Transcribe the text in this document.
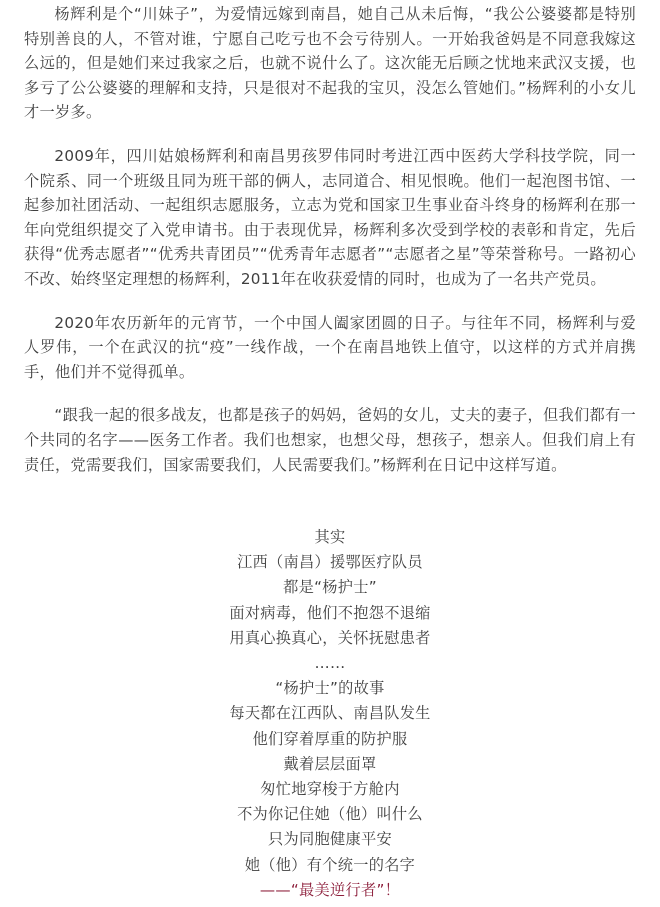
杨辉利是个“川妹子”，为爱情远嫁到南昌，她自己从未后悔，“我公公婆婆都是特别特别善良的人，不管对谁，宁愿自己吃亏也不会亏待别人。一开始我爸妈是不同意我嫁这么远的，但是她们来过我家之后，也就不说什么了。这次能无后顾之忧地来武汉支援，也多亏了公公婆婆的理解和支持，只是很对不起我的宝贝，没怎么管她们。”杨辉利的小女儿才一岁多。

2009年，四川姑娘杨辉利和南昌男孩罗伟同时考进江西中医药大学科技学院，同一个院系、同一个班级且同为班干部的俩人，志同道合、相见恨晚。他们一起泡图书馆、一起参加社团活动、一起组织志愿服务，立志为党和国家卫生事业奋斗终身的杨辉利在那一年向党组织提交了入党申请书。由于表现优异，杨辉利多次受到学校的表彰和肯定，先后获得“优秀志愿者”“优秀共青团员”“优秀青年志愿者”“志愿者之星”等荣誉称号。一路初心不改、始终坚定理想的杨辉利，2011年在收获爱情的同时，也成为了一名共产党员。

2020年农历新年的元宵节，一个中国人阖家团圆的日子。与往年不同，杨辉利与爱人罗伟，一个在武汉的抗“疫”一线作战，一个在南昌地铁上值守，以这样的方式并肩携手，他们并不觉得孤单。

“跟我一起的很多战友，也都是孩子的妈妈，爸妈的女儿，丈夫的妻子，但我们都有一个共同的名字——医务工作者。我们也想家，也想父母，想孩子，想亲人。但我们肩上有责任，党需要我们，国家需要我们，人民需要我们。”杨辉利在日记中这样写道。

其实
江西（南昌）援鄂医疗队员
都是“杨护士”
面对病毒，他们不抱怨不退缩
用真心换真心，关怀抚慰患者
……
“杨护士”的故事
每天都在江西队、南昌队发生
他们穿着厚重的防护服
戴着层层面罩
匆忙地穿梭于方舱内
不为你记住她（他）叫什么
只为同胞健康平安
她（他）有个统一的名字
——“最美逆行者”！
